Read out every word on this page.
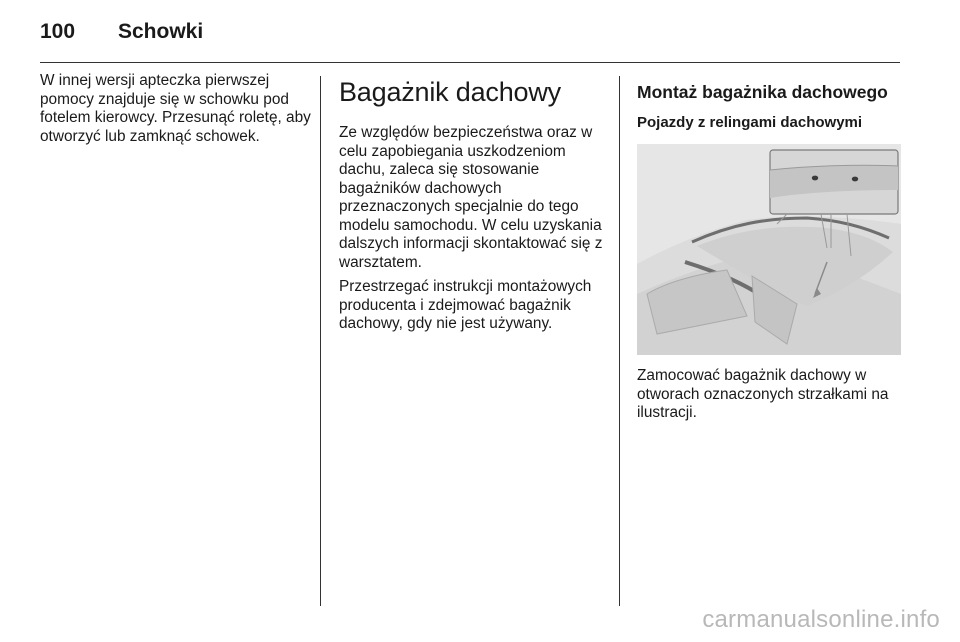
100	Schowki

W innej wersji apteczka pierwszej pomocy znajduje się w schowku pod fotelem kierowcy. Przesunąć roletę, aby otworzyć lub zamknąć schowek.

Bagażnik dachowy

Ze względów bezpieczeństwa oraz w celu zapobiegania uszkodzeniom dachu, zaleca się stosowanie bagażników dachowych przeznaczonych specjalnie do tego modelu samochodu. W celu uzyskania dalszych informacji skontaktować się z warsztatem.

Przestrzegać instrukcji montażowych producenta i zdejmować bagażnik dachowy, gdy nie jest używany.

Montaż bagażnika dachowego
Pojazdy z relingami dachowymi

Zamocować bagażnik dachowy w otworach oznaczonych strzałkami na ilustracji.

carmanualsonline.info
